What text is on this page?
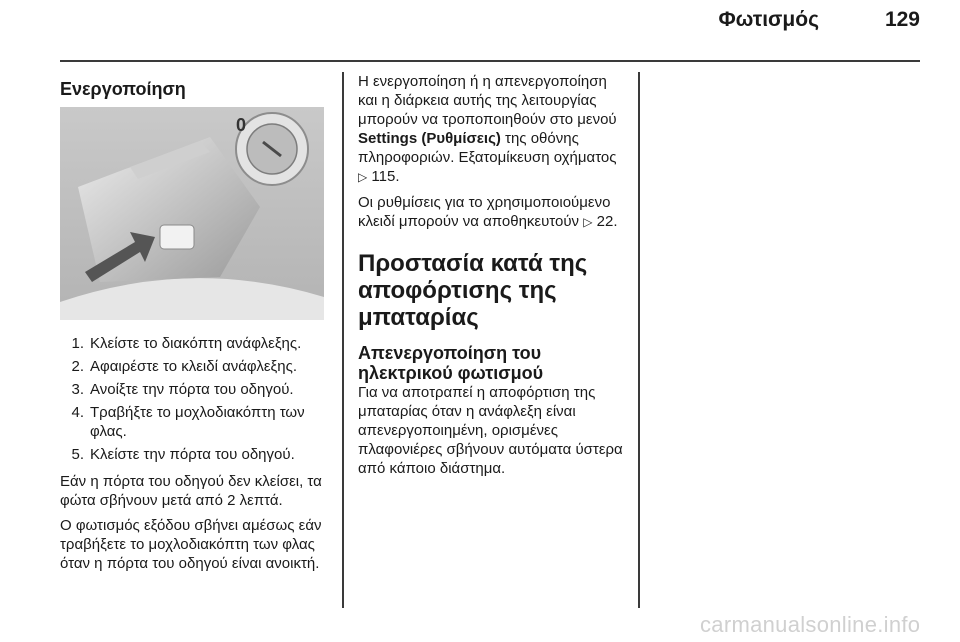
Φωτισμός	129
Ενεργοποίηση
0
1. Κλείστε το διακόπτη ανάφλεξης.
2. Αφαιρέστε το κλειδί ανάφλεξης.
3. Ανοίξτε την πόρτα του οδηγού.
4. Τραβήξτε το μοχλοδιακόπτη των φλας.
5. Κλείστε την πόρτα του οδηγού.

Εάν η πόρτα του οδηγού δεν κλείσει, τα φώτα σβήνουν μετά από 2 λεπτά.

Ο φωτισμός εξόδου σβήνει αμέσως εάν τραβήξετε το μοχλοδιακόπτη των φλας όταν η πόρτα του οδηγού είναι ανοικτή.

Η ενεργοποίηση ή η απενεργοποίηση και η διάρκεια αυτής της λειτουργίας μπορούν να τροποποιηθούν στο μενού Settings (Ρυθμίσεις) της οθόνης πληροφοριών. Εξατομίκευση οχήματος ▷ 115.

Οι ρυθμίσεις για το χρησιμοποιούμενο κλειδί μπορούν να αποθηκευτούν ▷ 22.

Προστασία κατά της αποφόρτισης της μπαταρίας
Απενεργοποίηση του ηλεκτρικού φωτισμού

Για να αποτραπεί η αποφόρτιση της μπαταρίας όταν η ανάφλεξη είναι απενεργοποιημένη, ορισμένες πλαφονιέρες σβήνουν αυτόματα ύστερα από κάποιο διάστημα.

carmanualsonline.info
